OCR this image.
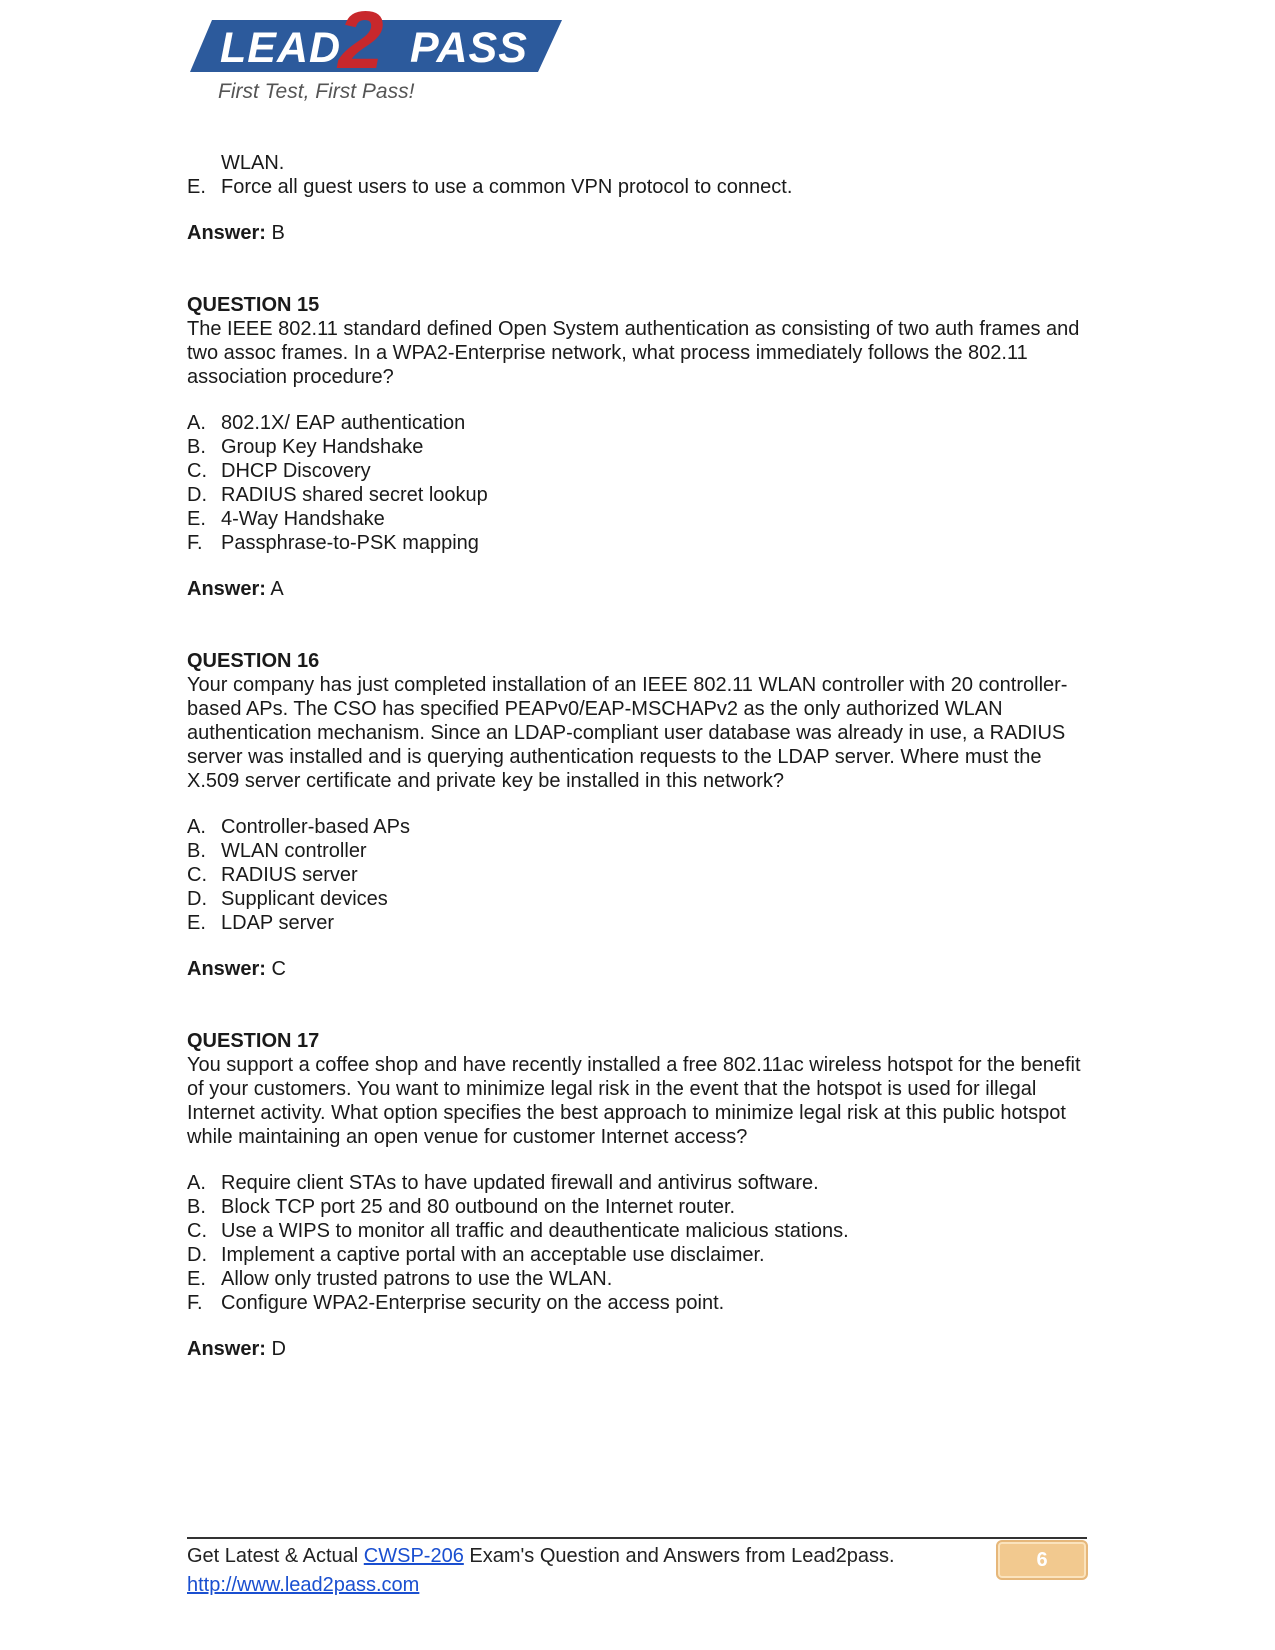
LEAD
2 PASS
First Test, First Pass!
WLAN.
E. Force all guest users to use a common VPN protocol to connect.
Answer: B
QUESTION 15

The IEEE 802.11 standard defined Open System authentication as consisting of two auth frames and two assoc frames. In a WPA2-Enterprise network, what process immediately follows the 802.11 association procedure?

A. 802.1X/ EAP authentication
B. Group Key Handshake
C. DHCP Discovery
D. RADIUS shared secret lookup
E. 4-Way Handshake
F. Passphrase-to-PSK mapping
Answer: A
QUESTION 16

Your company has just completed installation of an IEEE 802.11 WLAN controller with 20 controller-based APs. The CSO has specified PEAPv0/EAP-MSCHAPv2 as the only authorized WLAN authentication mechanism. Since an LDAP-compliant user database was already in use, a RADIUS server was installed and is querying authentication requests to the LDAP server. Where must the X.509 server certificate and private key be installed in this network?

A. Controller-based APs
B. WLAN controller
C. RADIUS server
D. Supplicant devices
E. LDAP server
Answer: C
QUESTION 17

You support a coffee shop and have recently installed a free 802.11ac wireless hotspot for the benefit of your customers. You want to minimize legal risk in the event that the hotspot is used for illegal Internet activity. What option specifies the best approach to minimize legal risk at this public hotspot while maintaining an open venue for customer Internet access?

A. Require client STAs to have updated firewall and antivirus software.
B. Block TCP port 25 and 80 outbound on the Internet router.
C. Use a WIPS to monitor all traffic and deauthenticate malicious stations.
D. Implement a captive portal with an acceptable use disclaimer.
E. Allow only trusted patrons to use the WLAN.
F. Configure WPA2-Enterprise security on the access point.
Answer: D
Get Latest & Actual CWSP-206 Exam's Question and Answers from Lead2pass.
http://www.lead2pass.com
6
